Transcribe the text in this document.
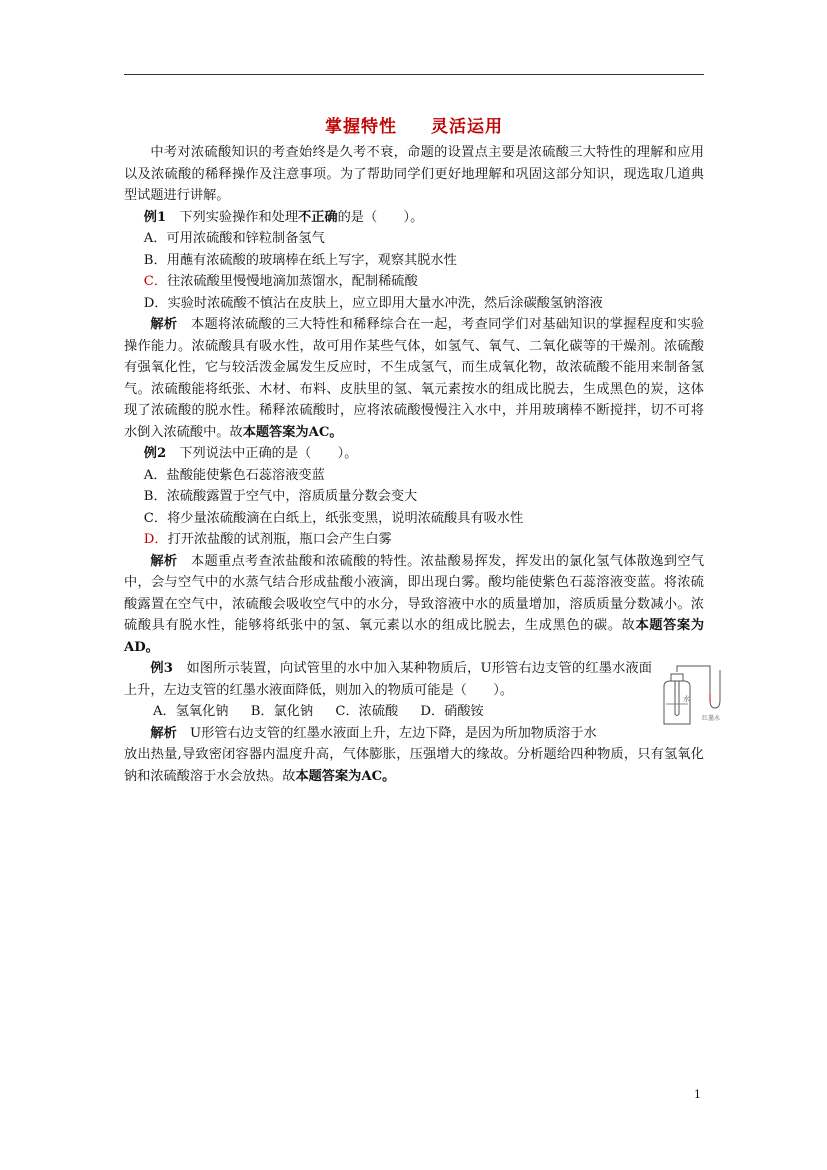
掌握特性 灵活运用

中考对浓硫酸知识的考查始终是久考不衰，命题的设置点主要是浓硫酸三大特性的理解和应用以及浓硫酸的稀释操作及注意事项。为了帮助同学们更好地理解和巩固这部分知识，现选取几道典型试题进行讲解。

例1　 下列实验操作和处理不正确的是（　　）。

A．可用浓硫酸和锌粒制备氢气

B．用蘸有浓硫酸的玻璃棒在纸上写字，观察其脱水性

C．往浓硫酸里慢慢地滴加蒸馏水，配制稀硫酸

D．实验时浓硫酸不慎沾在皮肤上，应立即用大量水冲洗，然后涂碳酸氢钠溶液

解析　 本题将浓硫酸的三大特性和稀释综合在一起，考查同学们对基础知识的掌握程度和实验操作能力。浓硫酸具有吸水性，故可用作某些气体，如氢气、氧气、二氧化碳等的干燥剂。浓硫酸有强氧化性，它与较活泼金属发生反应时，不生成氢气，而生成氧化物，故浓硫酸不能用来制备氢气。浓硫酸能将纸张、木材、布料、皮肤里的氢、氧元素按水的组成比脱去，生成黑色的炭，这体现了浓硫酸的脱水性。稀释浓硫酸时，应将浓硫酸慢慢注入水中，并用玻璃棒不断搅拌，切不可将水倒入浓硫酸中。故本题答案为AC。

例2　 下列说法中正确的是（　　）。

A．盐酸能使紫色石蕊溶液变蓝

B．浓硫酸露置于空气中，溶质质量分数会变大

C．将少量浓硫酸滴在白纸上，纸张变黑，说明浓硫酸具有吸水性

D．打开浓盐酸的试剂瓶，瓶口会产生白雾

解析　 本题重点考查浓盐酸和浓硫酸的特性。浓盐酸易挥发，挥发出的氯化氢气体散逸到空气中，会与空气中的水蒸气结合形成盐酸小液滴，即出现白雾。酸均能使紫色石蕊溶液变蓝。将浓硫酸露置在空气中，浓硫酸会吸收空气中的水分，导致溶液中水的质量增加，溶质质量分数减小。浓硫酸具有脱水性，能够将纸张中的氢、氧元素以水的组成比脱去，生成黑色的碳。故本题答案为AD。

例3　 如图所示装置，向试管里的水中加入某种物质后，U形管右边支管的红墨水液面上升，左边支管的红墨水液面降低，则加入的物质可能是（　　）。

A．氢氧化钠 B．氯化钠 C．浓硫酸 D．硝酸铵

解析　 U形管右边支管的红墨水液面上升，左边下降，是因为所加物质溶于水

放出热量,导致密闭容器内温度升高，气体膨胀，压强增大的缘故。分析题给四种物质，只有氢氧化钠和浓硫酸溶于水会放热。故本题答案为AC。

水
红墨水
1
